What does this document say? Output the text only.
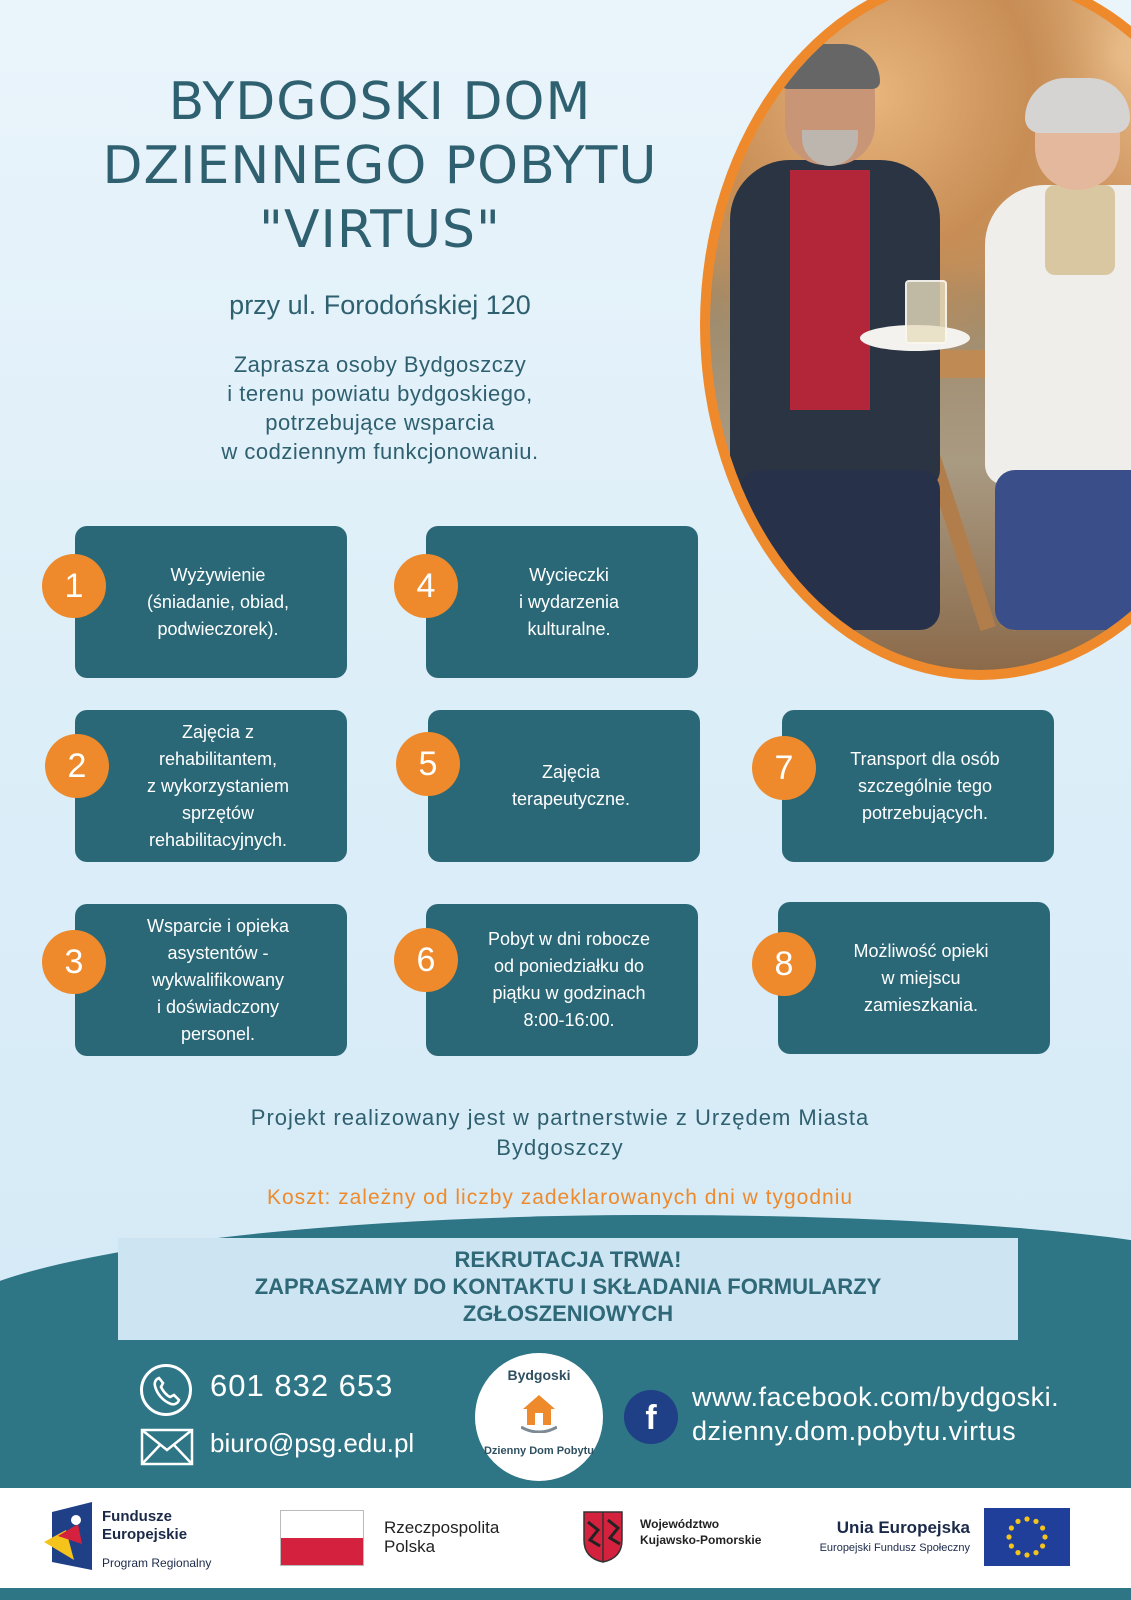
BYDGOSKI DOM
DZIENNEGO POBYTU
"VIRTUS"
przy ul. Forodońskiej 120
Zaprasza osoby Bydgoszczy
i terenu powiatu bydgoskiego,
potrzebujące wsparcia
w codziennym funkcjonowaniu.
Wyżywienie
(śniadanie, obiad,
podwieczorek).
1
Zajęcia z
rehabilitantem,
z wykorzystaniem
sprzętów
rehabilitacyjnych.
2
Wsparcie i opieka
asystentów -
wykwalifikowany
i doświadczony
personel.
3
Wycieczki
i wydarzenia
kulturalne.
4
Zajęcia
terapeutyczne.
5
Pobyt w dni robocze
od poniedziałku do
piątku w godzinach
8:00-16:00.
6
Transport dla osób
szczególnie tego
potrzebujących.
7
Możliwość opieki
w miejscu
zamieszkania.
8
Projekt realizowany jest w partnerstwie z Urzędem Miasta
Bydgoszczy
Koszt: zależny od liczby zadeklarowanych dni w tygodniu
REKRUTACJA TRWA!
ZAPRASZAMY DO KONTAKTU I SKŁADANIA FORMULARZY
ZGŁOSZENIOWYCH
601 832 653
biuro@psg.edu.pl
Bydgoski
Dzienny Dom Pobytu
f
www.facebook.com/bydgoski.
dzienny.dom.pobytu.virtus
Fundusze
Europejskie
Program Regionalny
Rzeczpospolita
Polska
Województwo
Kujawsko-Pomorskie
Unia Europejska
Europejski Fundusz Społeczny
